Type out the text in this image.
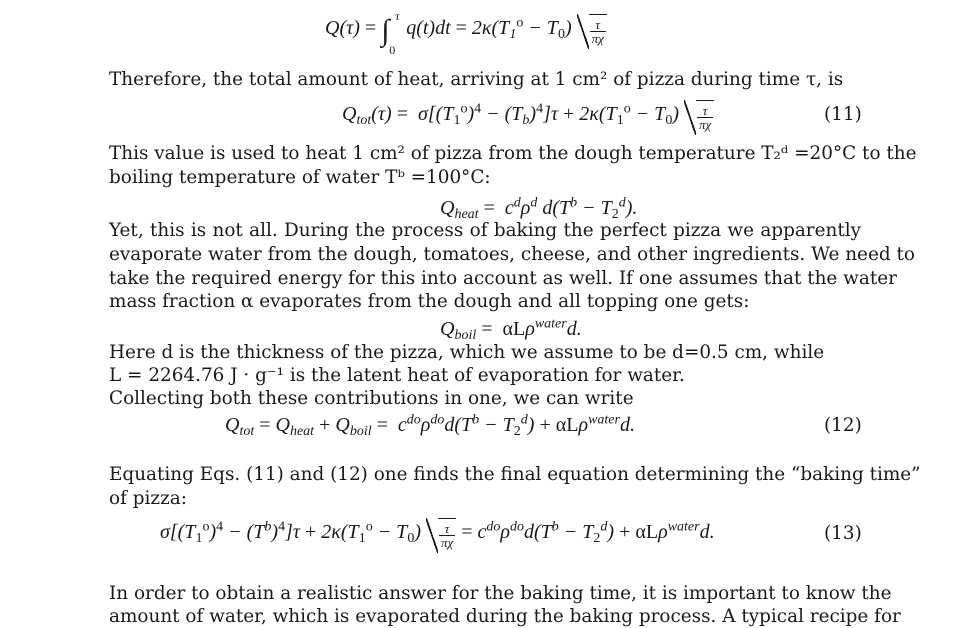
Q(τ) = ∫ τ
0
$q(t)dt = 2\kappa(T_1^o - T_0) \frac{\tau}{\pi\chi}$
Therefore, the total amount of heat, arriving at 1 cm² of pizza during time τ, is
$Q_{tot}(\tau) = \sigma[(T_1^o)^4 - (T_b)^4]\tau + 2\kappa(T_1^o - T_0) \frac{\tau}{\pi\chi}$	(11)
This value is used to heat 1 cm² of pizza from the dough temperature T₂ᵈ =20°C to the
boiling temperature of water Tᵇ =100°C:
$Q_{heat} = c^d\rho^d$ $d(T^b - T_2^d)$.
Yet, this is not all. During the process of baking the perfect pizza we apparently
evaporate water from the dough, tomatoes, cheese, and other ingredients. We need to
take the required energy for this into account as well. If one assumes that the water
mass fraction α evaporates from the dough and all topping one gets:
$Q_{boil} = \alpha L\rho^{water}d$.
Here d is the thickness of the pizza, which we assume to be d=0.5 cm, while
L = 2264.76 J · g⁻¹ is the latent heat of evaporation for water.
Collecting both these contributions in one, we can write
$Q_{tot} = Q_{heat} + Q_{boil} = c^{do}\rho^{do}d(T^b - T_2^d) + \alpha L\rho^{water}d$.	(12)
Equating Eqs. (11) and (12) one finds the final equation determining the “baking time”
of pizza:
$\sigma[(T_1^o)^4 - (T^b)^4]\tau + 2\kappa(T_1^o - T_0) \frac{\tau}{\pi\chi} = c^{do}\rho^{do}d(T^b - T_2^d) + \alpha L\rho^{water}d$.	(13)
In order to obtain a realistic answer for the baking time, it is important to know the
amount of water, which is evaporated during the baking process. A typical recipe for
